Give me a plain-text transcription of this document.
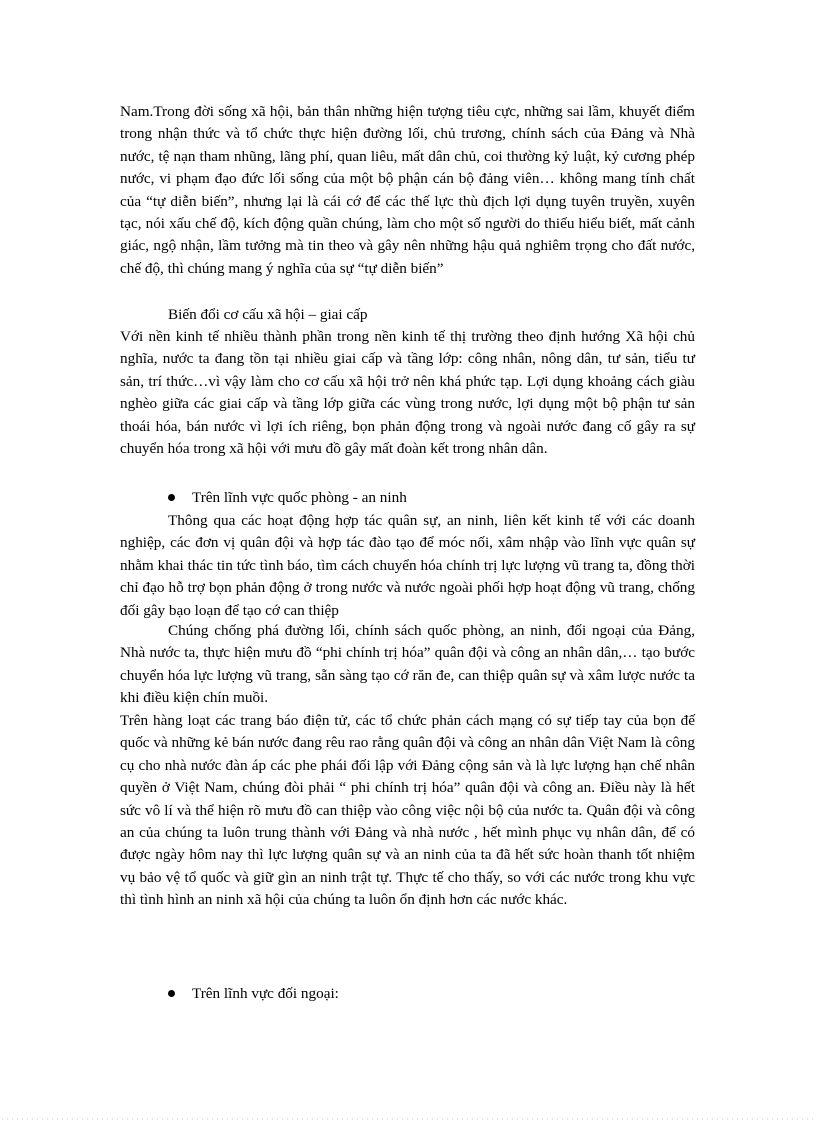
Nam.Trong đời sống xã hội, bản thân những hiện tượng tiêu cực, những sai lầm, khuyết điểm trong nhận thức và tổ chức thực hiện đường lối, chủ trương, chính sách của Đảng và Nhà nước, tệ nạn tham nhũng, lãng phí, quan liêu, mất dân chủ, coi thường kỷ luật, kỷ cương phép nước, vi phạm đạo đức lối sống của một bộ phận cán bộ đảng viên… không mang tính chất của “tự diễn biến”, nhưng lại là cái cớ để các thế lực thù địch lợi dụng tuyên truyền, xuyên tạc, nói xấu chế độ, kích động quần chúng, làm cho một số người do thiếu hiểu biết, mất cảnh giác, ngộ nhận, lầm tưởng mà tin theo và gây nên những hậu quả nghiêm trọng cho đất nước, chế độ, thì chúng mang ý nghĩa của sự “tự diễn biến”

Biến đổi cơ cấu xã hội – giai cấp

Với nền kinh tế nhiều thành phần trong nền kinh tế thị trường theo định hướng Xã hội chủ nghĩa, nước ta đang tồn tại nhiều giai cấp và tầng lớp: công nhân, nông dân, tư sản, tiểu tư sản, trí thức…vì vậy làm cho cơ cấu xã hội trở nên khá phức tạp. Lợi dụng khoảng cách giàu nghèo giữa các giai cấp và tầng lớp giữa các vùng trong nước, lợi dụng một bộ phận tư sản thoái hóa, bán nước vì lợi ích riêng, bọn phản động trong và ngoài nước đang cố gây ra sự chuyển hóa trong xã hội với mưu đồ gây mất đoàn kết trong nhân dân.

Trên lĩnh vực quốc phòng - an ninh

Thông qua các hoạt động hợp tác quân sự, an ninh, liên kết kinh tế với các doanh nghiệp, các đơn vị quân đội và hợp tác đào tạo để móc nối, xâm nhập vào lĩnh vực quân sự nhằm khai thác tin tức tình báo, tìm cách chuyển hóa chính trị lực lượng vũ trang ta, đồng thời chỉ đạo hỗ trợ bọn phản động ở trong nước và nước ngoài phối hợp hoạt động vũ trang, chống đối gây bạo loạn để tạo cớ can thiệp

Chúng chống phá đường lối, chính sách quốc phòng, an ninh, đối ngoại của Đảng, Nhà nước ta, thực hiện mưu đồ “phi chính trị hóa” quân đội và công an nhân dân,… tạo bước chuyển hóa lực lượng vũ trang, sẵn sàng tạo cớ răn đe, can thiệp quân sự và xâm lược nước ta khi điều kiện chín muồi.

Trên hàng loạt các trang báo điện tử, các tổ chức phản cách mạng có sự tiếp tay của bọn đế quốc và những kẻ bán nước đang rêu rao rằng quân đội và công an nhân dân Việt Nam là công cụ cho nhà nước đàn áp các phe phái đối lập với Đảng cộng sản và là lực lượng hạn chế nhân quyền ở Việt Nam, chúng đòi phải “ phi chính trị hóa” quân đội và công an. Điều này là hết sức vô lí và thể hiện rõ mưu đồ can thiệp vào công việc nội bộ của nước ta. Quân đội và công an của chúng ta luôn trung thành với Đảng và nhà nước , hết mình phục vụ nhân dân, để có được ngày hôm nay thì lực lượng quân sự và an ninh của ta đã hết sức hoàn thanh tốt nhiệm vụ bảo vệ tổ quốc và giữ gìn an ninh trật tự. Thực tế cho thấy, so với các nước trong khu vực thì tình hình an ninh xã hội của chúng ta luôn ổn định hơn các nước khác.

Trên lĩnh vực đối ngoại:
